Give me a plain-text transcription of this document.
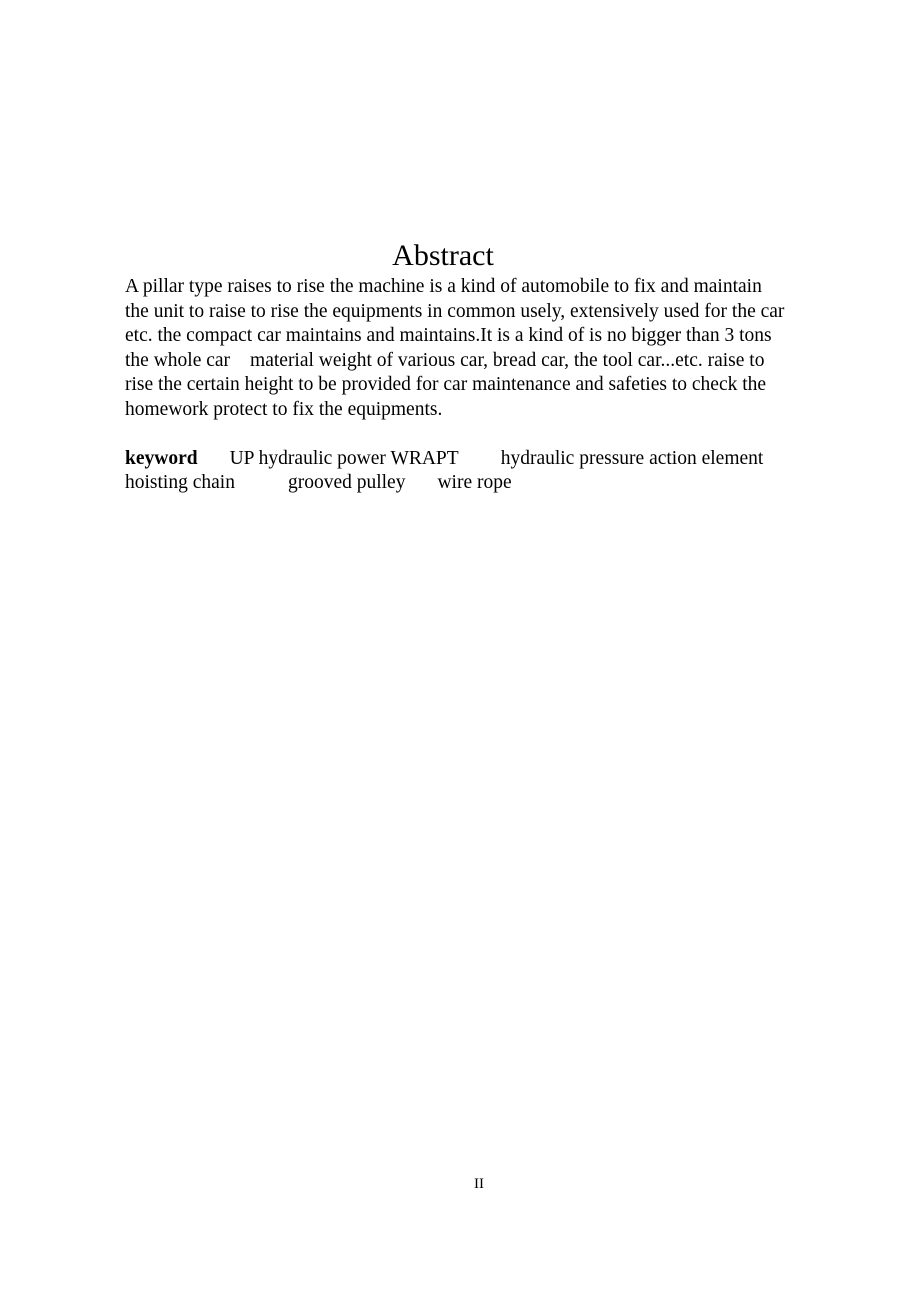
Abstract
A pillar type raises to rise the machine is a kind of automobile to fix and maintain
the unit to raise to rise the equipments in common usely, extensively used for the car
etc. the compact car maintains and maintains.It is a kind of is no bigger than 3 tons
the whole car material weight of various car, bread car, the tool car...etc. raise to
rise the certain height to be provided for car maintenance and safeties to check the
homework protect to fix the equipments.
keyword UP hydraulic power WRAPT hydraulic pressure action element
hoisting chain	grooved pulley wire rope
II
